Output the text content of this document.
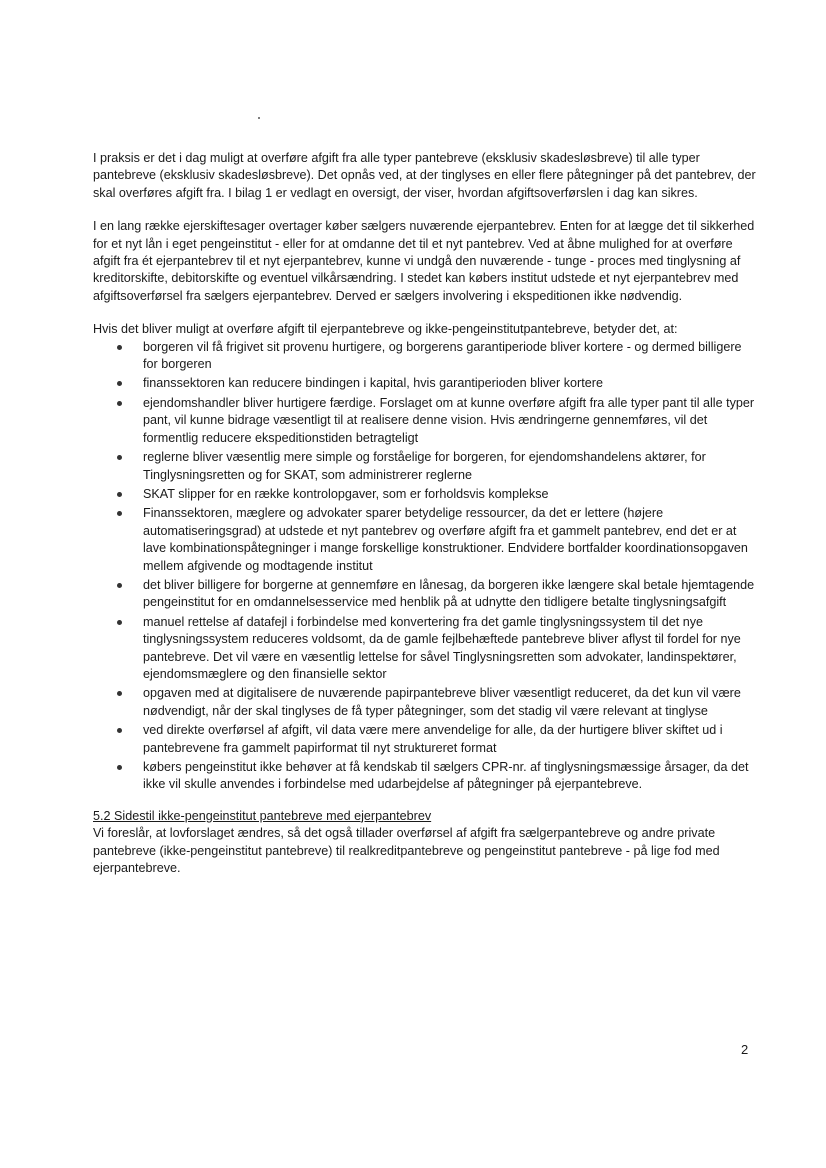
I praksis er det i dag muligt at overføre afgift fra alle typer pantebreve (eksklusiv skadesløsbreve) til alle typer pantebreve (eksklusiv skadesløsbreve). Det opnås ved, at der tinglyses en eller flere påtegninger på det pantebrev, der skal overføres afgift fra. I bilag 1 er vedlagt en oversigt, der viser, hvordan afgiftsoverførslen i dag kan sikres.

I en lang række ejerskiftesager overtager køber sælgers nuværende ejerpantebrev. Enten for at lægge det til sikkerhed for et nyt lån i eget pengeinstitut - eller for at omdanne det til et nyt pantebrev. Ved at åbne mulighed for at overføre afgift fra ét ejerpantebrev til et nyt ejerpantebrev, kunne vi undgå den nuværende - tunge - proces med tinglysning af kreditorskifte, debitorskifte og eventuel vilkårsændring. I stedet kan købers institut udstede et nyt ejerpantebrev med afgiftsoverførsel fra sælgers ejerpantebrev. Derved er sælgers involvering i ekspeditionen ikke nødvendig.

Hvis det bliver muligt at overføre afgift til ejerpantebreve og ikke-pengeinstitutpantebreve, betyder det, at:

borgeren vil få frigivet sit provenu hurtigere, og borgerens garantiperiode bliver kortere - og dermed billigere for borgeren
finanssektoren kan reducere bindingen i kapital, hvis garantiperioden bliver kortere
ejendomshandler bliver hurtigere færdige. Forslaget om at kunne overføre afgift fra alle typer pant til alle typer pant, vil kunne bidrage væsentligt til at realisere denne vision. Hvis ændringerne gennemføres, vil det formentlig reducere ekspeditionstiden betragteligt
reglerne bliver væsentlig mere simple og forståelige for borgeren, for ejendomshandelens aktører, for Tinglysningsretten og for SKAT, som administrerer reglerne
SKAT slipper for en række kontrolopgaver, som er forholdsvis komplekse
Finanssektoren, mæglere og advokater sparer betydelige ressourcer, da det er lettere (højere automatiseringsgrad) at udstede et nyt pantebrev og overføre afgift fra et gammelt pantebrev, end det er at lave kombinationspåtegninger i mange forskellige konstruktioner. Endvidere bortfalder koordinationsopgaven mellem afgivende og modtagende institut
det bliver billigere for borgerne at gennemføre en lånesag, da borgeren ikke længere skal betale hjemtagende pengeinstitut for en omdannelsesservice med henblik på at udnytte den tidligere betalte tinglysningsafgift
manuel rettelse af datafejl i forbindelse med konvertering fra det gamle tinglysningssystem til det nye tinglysningssystem reduceres voldsomt, da de gamle fejlbehæftede pantebreve bliver aflyst til fordel for nye pantebreve. Det vil være en væsentlig lettelse for såvel Tinglysningsretten som advokater, landinspektører, ejendomsmæglere og den finansielle sektor
opgaven med at digitalisere de nuværende papirpantebreve bliver væsentligt reduceret, da det kun vil være nødvendigt, når der skal tinglyses de få typer påtegninger, som det stadig vil være relevant at tinglyse
ved direkte overførsel af afgift, vil data være mere anvendelige for alle, da der hurtigere bliver skiftet ud i pantebrevene fra gammelt papirformat til nyt struktureret format
købers pengeinstitut ikke behøver at få kendskab til sælgers CPR-nr. af tinglysningsmæssige årsager, da det ikke vil skulle anvendes i forbindelse med udarbejdelse af påtegninger på ejerpantebreve.

5.2 Sidestil ikke-pengeinstitut pantebreve med ejerpantebrev

Vi foreslår, at lovforslaget ændres, så det også tillader overførsel af afgift fra sælgerpantebreve og andre private pantebreve (ikke-pengeinstitut pantebreve) til realkreditpantebreve og pengeinstitut pantebreve - på lige fod med ejerpantebreve.

2
